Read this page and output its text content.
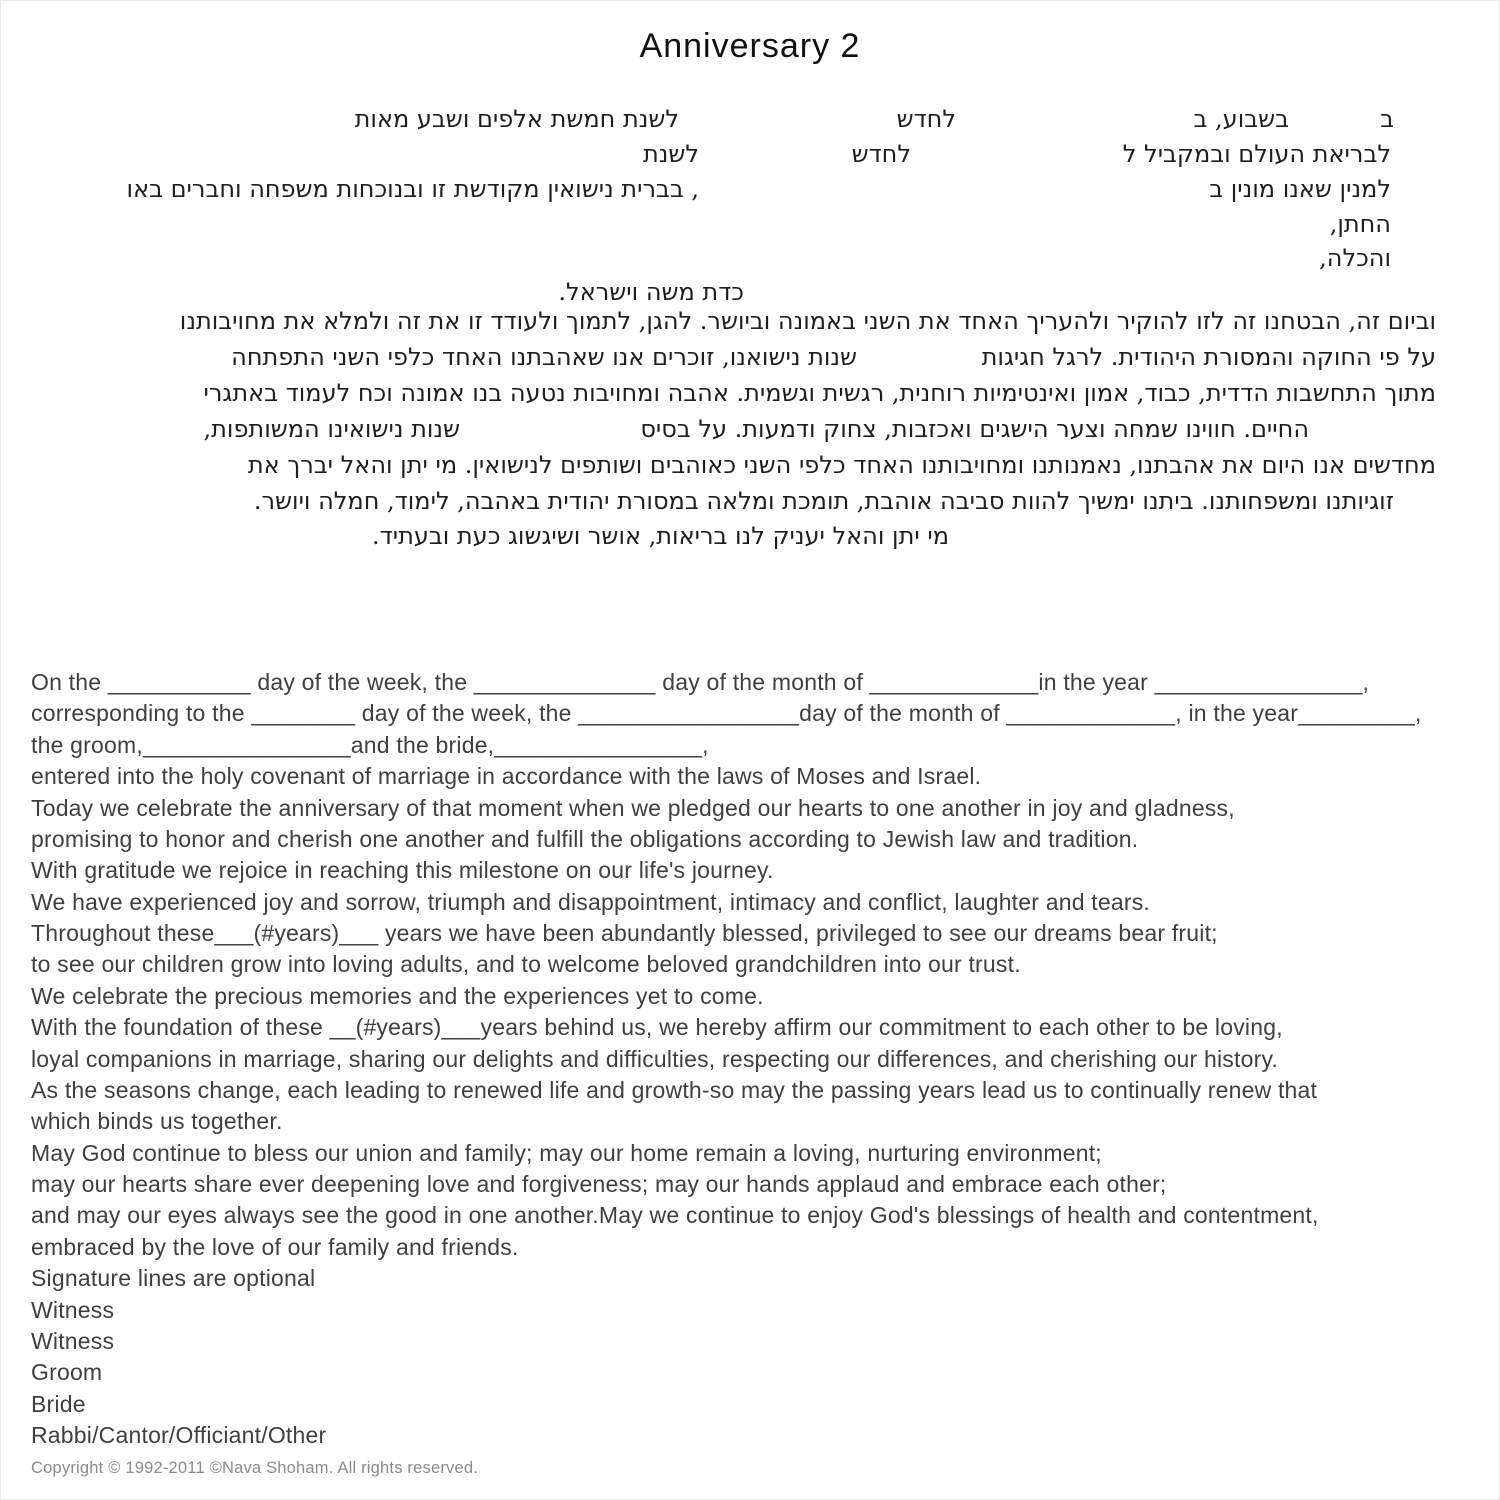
Anniversary 2
ב
בשבוע, ב
לחדש
לשנת חמשת אלפים ושבע מאות
לבריאת העולם ובמקביל ל
לחדש
לשנת
למנין שאנו מונין ב
, בברית נישואין מקודשת זו ובנוכחות משפחה וחברים באו
החתן,
והכלה,
כדת משה וישראל.
וביום זה, הבטחנו זה לזו להוקיר ולהעריך האחד את השני באמונה וביושר. להגן, לתמוך ולעודד זו את זה ולמלא את מחויבותנו
על פי החוקה והמסורת היהודית. לרגל חגיגות
שנות נישואנו, זוכרים אנו שאהבתנו האחד כלפי השני התפתחה
מתוך התחשבות הדדית, כבוד, אמון ואינטימיות רוחנית, רגשית וגשמית. אהבה ומחויבות נטעה בנו אמונה וכח לעמוד באתגרי
החיים. חווינו שמחה וצער הישגים ואכזבות, צחוק ודמעות. על בסיס
שנות נישואינו המשותפות,
מחדשים אנו היום את אהבתנו, נאמנותנו ומחויבותנו האחד כלפי השני כאוהבים ושותפים לנישואין. מי יתן והאל יברך את
זוגיותנו ומשפחותנו. ביתנו ימשיך להוות סביבה אוהבת, תומכת ומלאה במסורת יהודית באהבה, לימוד, חמלה ויושר.
מי יתן והאל יעניק לנו בריאות, אושר ושיגשוג כעת ובעתיד.
On the ___________ day of the week, the ______________ day of the month of _____________in the year ________________,
corresponding to the ________ day of the week, the _________________day of the month of _____________, in the year_________,
the groom,________________and the bride,________________,
entered into the holy covenant of marriage in accordance with the laws of Moses and Israel.
Today we celebrate the anniversary of that moment when we pledged our hearts to one another in joy and gladness,
promising to honor and cherish one another and fulfill the obligations according to Jewish law and tradition.
With gratitude we rejoice in reaching this milestone on our life's journey.
We have experienced joy and sorrow, triumph and disappointment, intimacy and conflict, laughter and tears.
Throughout these___(#years)___ years we have been abundantly blessed, privileged to see our dreams bear fruit;
to see our children grow into loving adults, and to welcome beloved grandchildren into our trust.
We celebrate the precious memories and the experiences yet to come.
With the foundation of these __(#years)___years behind us, we hereby affirm our commitment to each other to be loving,
loyal companions in marriage, sharing our delights and difficulties, respecting our differences, and cherishing our history.
As the seasons change, each leading to renewed life and growth-so may the passing years lead us to continually renew that
which binds us together.
May God continue to bless our union and family; may our home remain a loving, nurturing environment;
may our hearts share ever deepening love and forgiveness; may our hands applaud and embrace each other;
and may our eyes always see the good in one another.May we continue to enjoy God's blessings of health and contentment,
embraced by the love of our family and friends.
Signature lines are optional
Witness
Witness
Groom
Bride
Rabbi/Cantor/Officiant/Other
Copyright © 1992-2011 ©Nava Shoham. All rights reserved.
